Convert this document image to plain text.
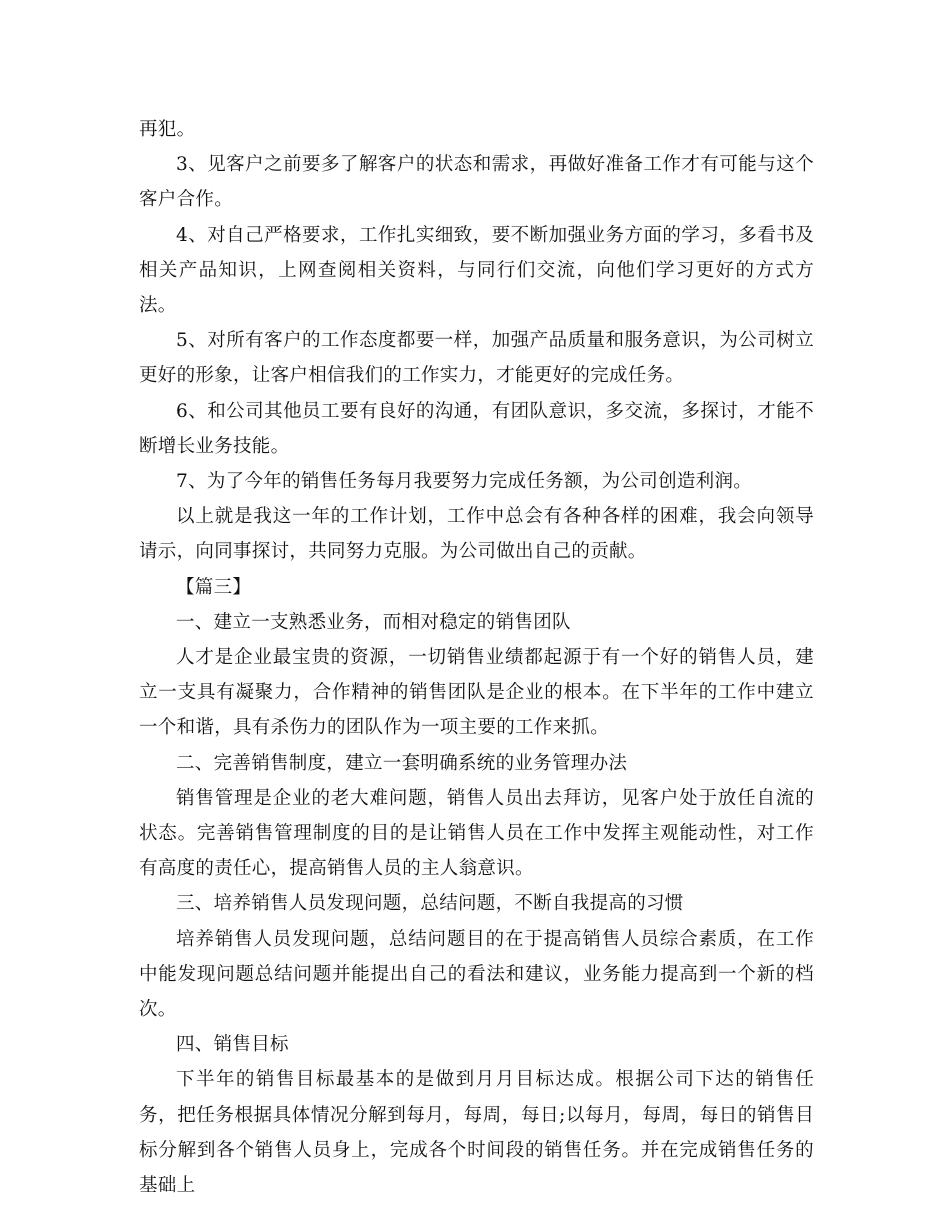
再犯。

3、见客户之前要多了解客户的状态和需求，再做好准备工作才有可能与这个客户合作。

4、对自己严格要求，工作扎实细致，要不断加强业务方面的学习，多看书及相关产品知识，上网查阅相关资料，与同行们交流，向他们学习更好的方式方法。

5、对所有客户的工作态度都要一样，加强产品质量和服务意识，为公司树立更好的形象，让客户相信我们的工作实力，才能更好的完成任务。

6、和公司其他员工要有良好的沟通，有团队意识，多交流，多探讨，才能不断增长业务技能。

7、为了今年的销售任务每月我要努力完成任务额，为公司创造利润。

以上就是我这一年的工作计划，工作中总会有各种各样的困难，我会向领导请示，向同事探讨，共同努力克服。为公司做出自己的贡献。

【篇三】

一、建立一支熟悉业务，而相对稳定的销售团队

人才是企业最宝贵的资源，一切销售业绩都起源于有一个好的销售人员，建立一支具有凝聚力，合作精神的销售团队是企业的根本。在下半年的工作中建立一个和谐，具有杀伤力的团队作为一项主要的工作来抓。

二、完善销售制度，建立一套明确系统的业务管理办法

销售管理是企业的老大难问题，销售人员出去拜访，见客户处于放任自流的状态。完善销售管理制度的目的是让销售人员在工作中发挥主观能动性，对工作有高度的责任心，提高销售人员的主人翁意识。

三、培养销售人员发现问题，总结问题，不断自我提高的习惯

培养销售人员发现问题，总结问题目的在于提高销售人员综合素质，在工作中能发现问题总结问题并能提出自己的看法和建议，业务能力提高到一个新的档次。

四、销售目标

下半年的销售目标最基本的是做到月月目标达成。根据公司下达的销售任务，把任务根据具体情况分解到每月，每周，每日;以每月，每周，每日的销售目标分解到各个销售人员身上，完成各个时间段的销售任务。并在完成销售任务的基础上
